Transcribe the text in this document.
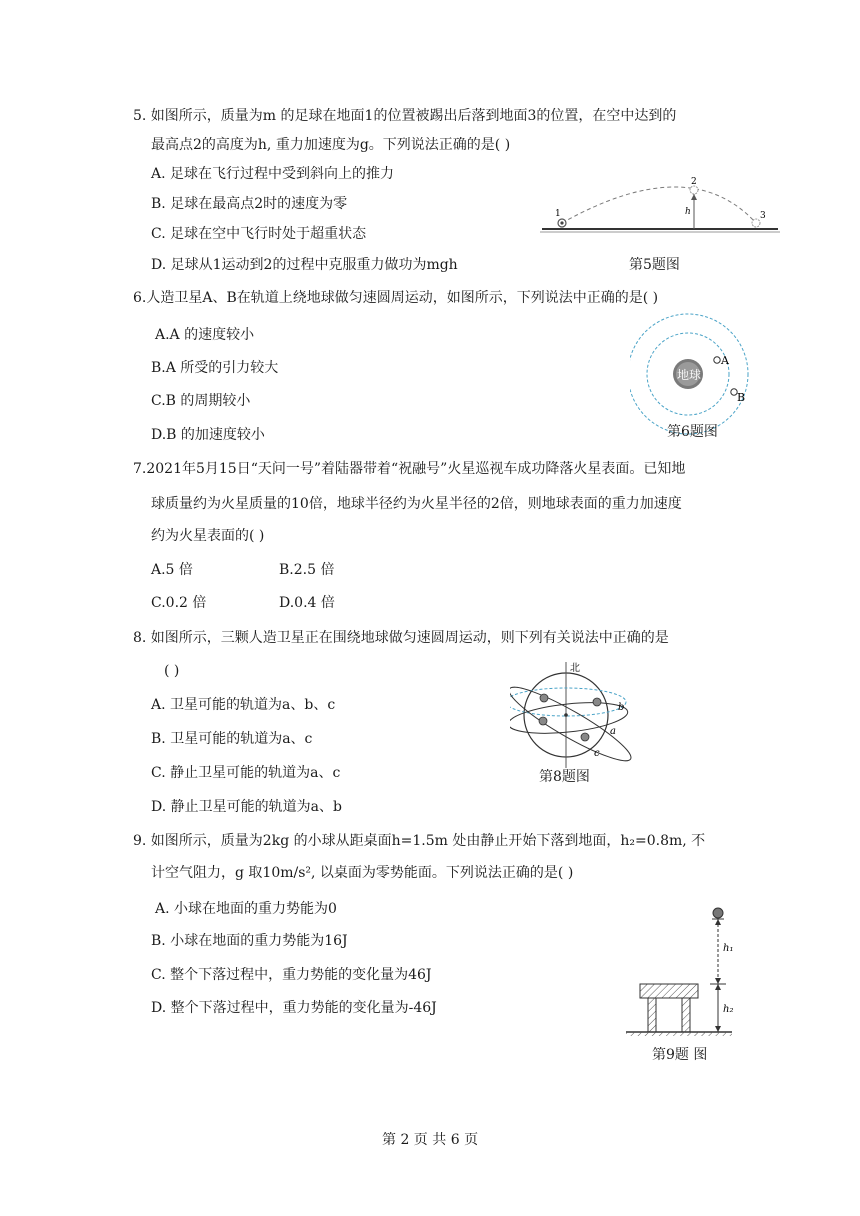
5. 如图所示，质量为m 的足球在地面1的位置被踢出后落到地面3的位置，在空中达到的
最高点2的高度为h, 重力加速度为g。下列说法正确的是( )
A. 足球在飞行过程中受到斜向上的推力
B. 足球在最高点2时的速度为零
C. 足球在空中飞行时处于超重状态
D. 足球从1运动到2的过程中克服重力做功为mgh
1
2
h	3
第5题图
6.人造卫星A、B在轨道上绕地球做匀速圆周运动，如图所示，下列说法中正确的是( )
A.A 的速度较小
B.A 所受的引力较大
C.B 的周期较小
D.B 的加速度较小
地球
A
B
第6题图
7.2021年5月15日“天问一号”着陆器带着“祝融号”火星巡视车成功降落火星表面。已知地
球质量约为火星质量的10倍，地球半径约为火星半径的2倍，则地球表面的重力加速度
约为火星表面的( )
A.5 倍	B.2.5 倍
C.0.2 倍	D.0.4 倍
8. 如图所示，三颗人造卫星正在围绕地球做匀速圆周运动，则下列有关说法中正确的是
( )
A. 卫星可能的轨道为a、b、c
B. 卫星可能的轨道为a、c
C. 静止卫星可能的轨道为a、c
D. 静止卫星可能的轨道为a、b
北
b
a
c
第8题图
9. 如图所示，质量为2kg 的小球从距桌面h=1.5m 处由静止开始下落到地面，h₂=0.8m, 不
计空气阻力，g 取10m/s², 以桌面为零势能面。下列说法正确的是( )
A. 小球在地面的重力势能为0
B. 小球在地面的重力势能为16J
C. 整个下落过程中，重力势能的变化量为46J
D. 整个下落过程中，重力势能的变化量为-46J
h₁
h₂
第9题 图
第 2 页 共 6 页
